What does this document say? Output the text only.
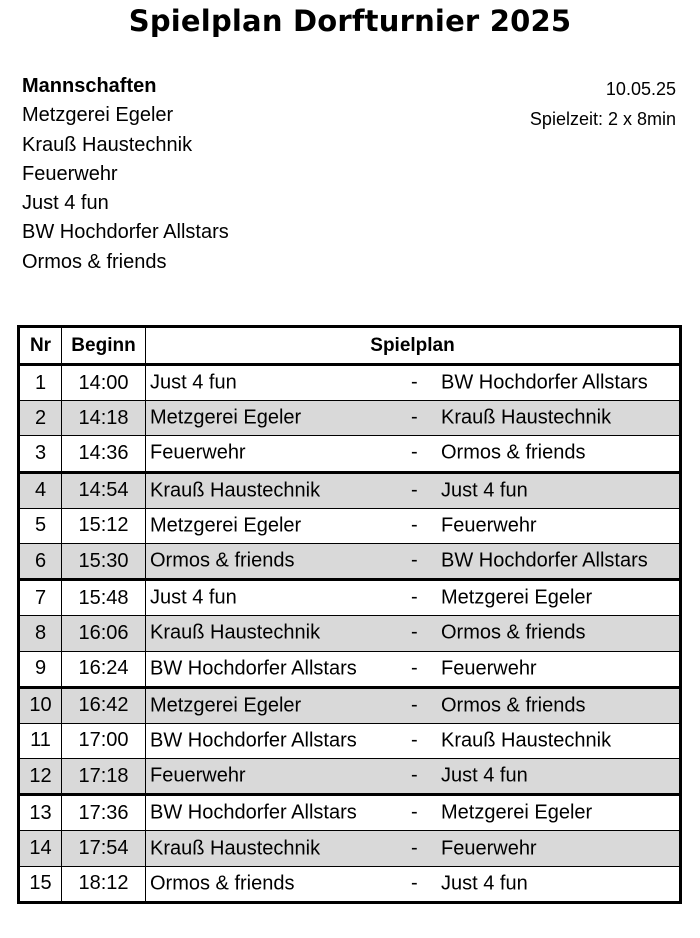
Spielplan Dorfturnier 2025
Mannschaften
Metzgerei Egeler
Krauß Haustechnik
Feuerwehr
Just 4 fun
BW Hochdorfer Allstars
Ormos & friends
10.05.25
Spielzeit: 2 x 8min
Nr	Beginn	Spielplan
1	14:00	Just 4 fun - BW Hochdorfer Allstars

2	14:18	Metzgerei Egeler - Krauß Haustechnik

3	14:36	Feuerwehr - Ormos & friends

4	14:54	Krauß Haustechnik - Just 4 fun

5	15:12	Metzgerei Egeler - Feuerwehr

6	15:30	Ormos & friends - BW Hochdorfer Allstars

7	15:48	Just 4 fun - Metzgerei Egeler

8	16:06	Krauß Haustechnik - Ormos & friends

9	16:24	BW Hochdorfer Allstars - Feuerwehr

10	16:42	Metzgerei Egeler - Ormos & friends

11	17:00	BW Hochdorfer Allstars - Krauß Haustechnik

12	17:18	Feuerwehr - Just 4 fun

13	17:36	BW Hochdorfer Allstars - Metzgerei Egeler

14	17:54	Krauß Haustechnik - Feuerwehr

15	18:12	Ormos & friends - Just 4 fun
